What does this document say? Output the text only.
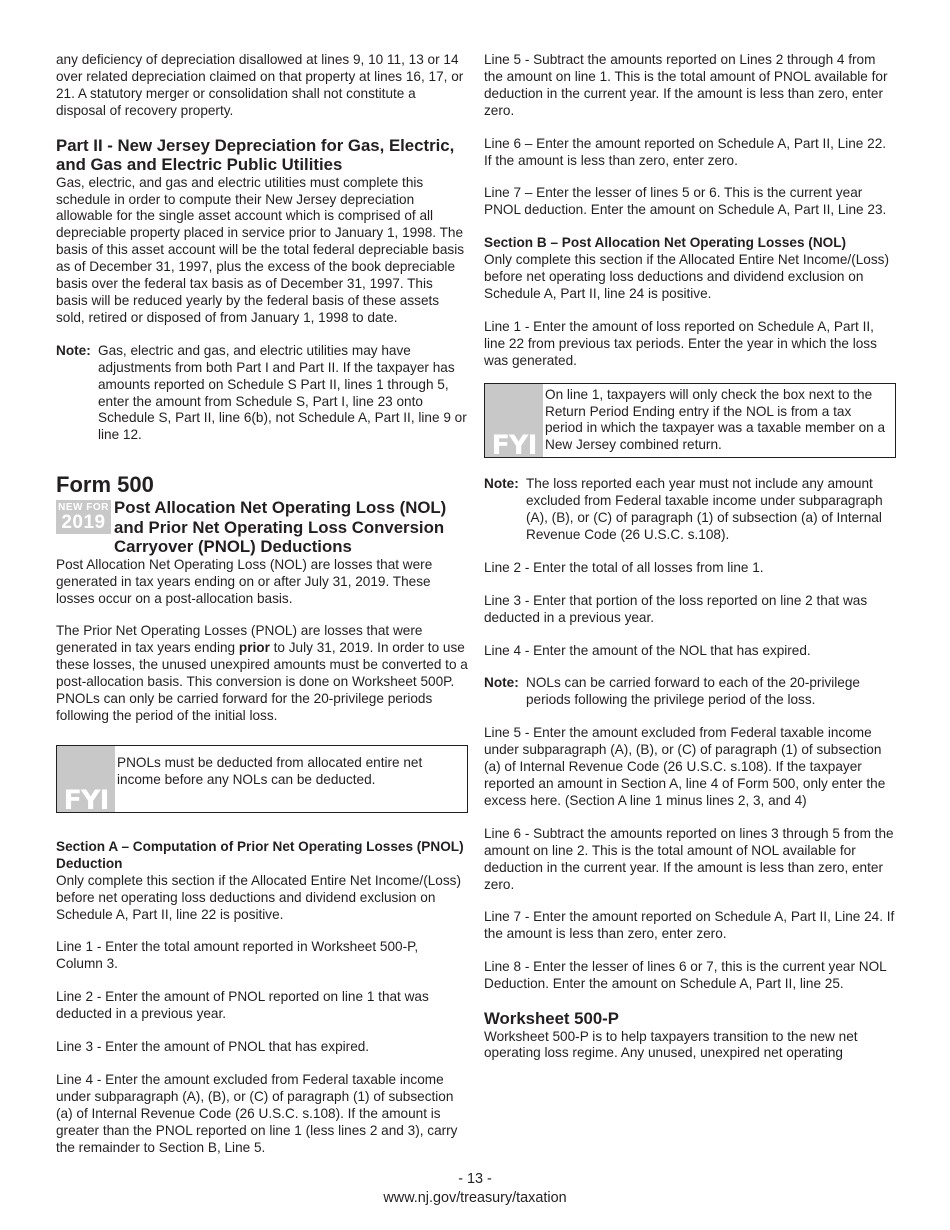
any deficiency of depreciation disallowed at lines 9, 10 11, 13 or 14 over related depreciation claimed on that property at lines 16, 17, or 21. A statutory merger or consolidation shall not constitute a disposal of recovery property.

Part II - New Jersey Depreciation for Gas, Electric, and Gas and Electric Public Utilities

Gas, electric, and gas and electric utilities must complete this schedule in order to compute their New Jersey depreciation allowable for the single asset account which is comprised of all depreciable property placed in service prior to January 1, 1998. The basis of this asset account will be the total federal depreciable basis as of December 31, 1997, plus the excess of the book depreciable basis over the federal tax basis as of December 31, 1997. This basis will be reduced yearly by the federal basis of these assets sold, retired or disposed of from January 1, 1998 to date.

Note: Gas, electric and gas, and electric utilities may have adjustments from both Part I and Part II. If the taxpayer has amounts reported on Schedule S Part II, lines 1 through 5, enter the amount from Schedule S, Part I, line 23 onto Schedule S, Part II, line 6(b), not Schedule A, Part II, line 9 or line 12.
Form 500
NEW FOR
2019
Post Allocation Net Operating Loss (NOL) and Prior Net Operating Loss Conversion Carryover (PNOL) Deductions

Post Allocation Net Operating Loss (NOL) are losses that were generated in tax years ending on or after July 31, 2019. These losses occur on a post-allocation basis.

The Prior Net Operating Losses (PNOL) are losses that were generated in tax years ending prior to July 31, 2019. In order to use these losses, the unused unexpired amounts must be converted to a post-allocation basis. This conversion is done on Worksheet 500P. PNOLs can only be carried forward for the 20-privilege periods following the period of the initial loss.

FYI
PNOLs must be deducted from allocated entire net income before any NOLs can be deducted.
Section A – Computation of Prior Net Operating Losses (PNOL) Deduction

Only complete this section if the Allocated Entire Net Income/(Loss) before net operating loss deductions and dividend exclusion on Schedule A, Part II, line 22 is positive.

Line 1 - Enter the total amount reported in Worksheet 500-P, Column 3.

Line 2 - Enter the amount of PNOL reported on line 1 that was deducted in a previous year.

Line 3 - Enter the amount of PNOL that has expired.

Line 4 - Enter the amount excluded from Federal taxable income under subparagraph (A), (B), or (C) of paragraph (1) of subsection (a) of Internal Revenue Code (26 U.S.C. s.108). If the amount is greater than the PNOL reported on line 1 (less lines 2 and 3), carry the remainder to Section B, Line 5.

Line 5 - Subtract the amounts reported on Lines 2 through 4 from the amount on line 1. This is the total amount of PNOL available for deduction in the current year. If the amount is less than zero, enter zero.

Line 6 – Enter the amount reported on Schedule A, Part II, Line 22. If the amount is less than zero, enter zero.

Line 7 – Enter the lesser of lines 5 or 6. This is the current year PNOL deduction. Enter the amount on Schedule A, Part II, Line 23.

Section B – Post Allocation Net Operating Losses (NOL)

Only complete this section if the Allocated Entire Net Income/(Loss) before net operating loss deductions and dividend exclusion on Schedule A, Part II, line 24 is positive.

Line 1 - Enter the amount of loss reported on Schedule A, Part II, line 22 from previous tax periods. Enter the year in which the loss was generated.

FYI
On line 1, taxpayers will only check the box next to the Return Period Ending entry if the NOL is from a tax period in which the taxpayer was a taxable member on a New Jersey combined return.
Note: The loss reported each year must not include any amount excluded from Federal taxable income under subparagraph (A), (B), or (C) of paragraph (1) of subsection (a) of Internal Revenue Code (26 U.S.C. s.108).

Line 2 - Enter the total of all losses from line 1.

Line 3 - Enter that portion of the loss reported on line 2 that was deducted in a previous year.

Line 4 - Enter the amount of the NOL that has expired.

Note: NOLs can be carried forward to each of the 20-privilege periods following the privilege period of the loss.

Line 5 - Enter the amount excluded from Federal taxable income under subparagraph (A), (B), or (C) of paragraph (1) of subsection (a) of Internal Revenue Code (26 U.S.C. s.108). If the taxpayer reported an amount in Section A, line 4 of Form 500, only enter the excess here. (Section A line 1 minus lines 2, 3, and 4)

Line 6 - Subtract the amounts reported on lines 3 through 5 from the amount on line 2. This is the total amount of NOL available for deduction in the current year. If the amount is less than zero, enter zero.

Line 7 - Enter the amount reported on Schedule A, Part II, Line 24. If the amount is less than zero, enter zero.

Line 8 - Enter the lesser of lines 6 or 7, this is the current year NOL Deduction. Enter the amount on Schedule A, Part II, line 25.

Worksheet 500-P

Worksheet 500-P is to help taxpayers transition to the new net operating loss regime. Any unused, unexpired net operating

- 13 -
www.nj.gov/treasury/taxation
